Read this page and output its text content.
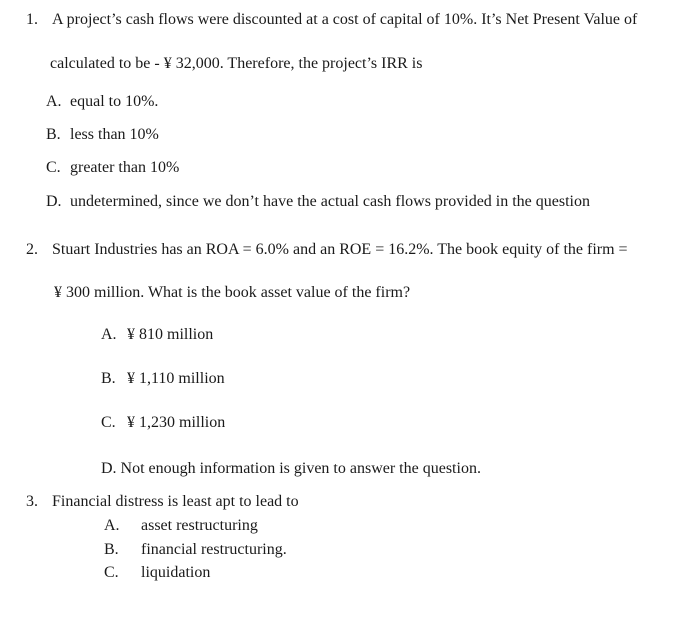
1. A project’s cash flows were discounted at a cost of capital of 10%. It’s Net Present Value of
calculated to be - ¥ 32,000. Therefore, the project’s IRR is
A. equal to 10%.
B. less than 10%
C. greater than 10%
D. undetermined, since we don’t have the actual cash flows provided in the question
2. Stuart Industries has an ROA = 6.0% and an ROE = 16.2%. The book equity of the firm =
¥ 300 million. What is the book asset value of the firm?
A. ¥ 810 million
B. ¥ 1,110 million
C. ¥ 1,230 million
D. Not enough information is given to answer the question.
3. Financial distress is least apt to lead to
A. asset restructuring
B. financial restructuring.
C. liquidation
